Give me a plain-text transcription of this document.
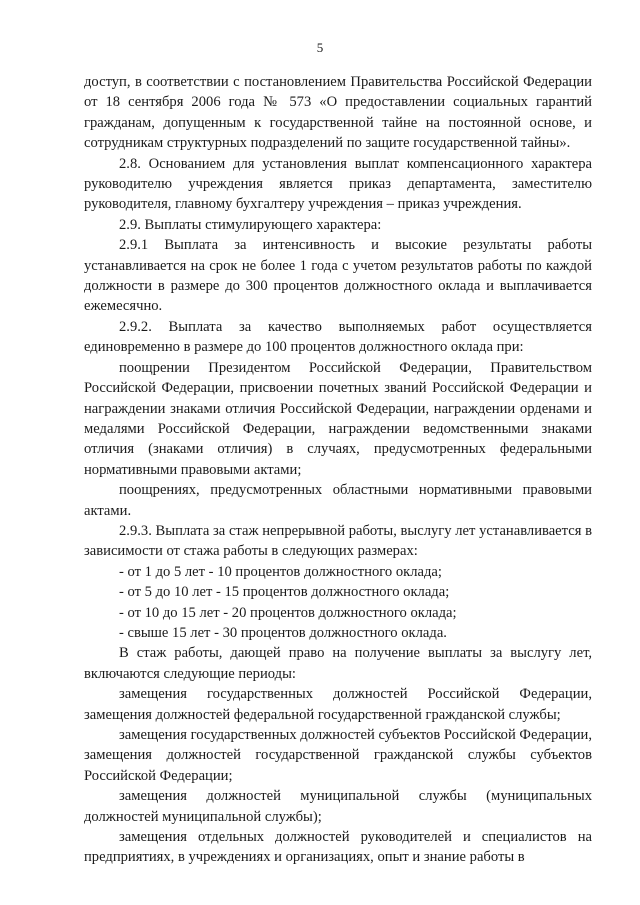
5

доступ, в соответствии с постановлением Правительства Российской Федерации от 18 сентября 2006 года № 573 «О предоставлении социальных гарантий гражданам, допущенным к государственной тайне на постоянной основе, и сотрудникам структурных подразделений по защите государственной тайны».

2.8. Основанием для установления выплат компенсационного характера руководителю учреждения является приказ департамента, заместителю руководителя, главному бухгалтеру учреждения – приказ учреждения.

2.9. Выплаты стимулирующего характера:

2.9.1 Выплата за интенсивность и высокие результаты работы устанавливается на срок не более 1 года с учетом результатов работы по каждой должности в размере до 300 процентов должностного оклада и выплачивается ежемесячно.

2.9.2. Выплата за качество выполняемых работ осуществляется единовременно в размере до 100 процентов должностного оклада при:

поощрении Президентом Российской Федерации, Правительством Российской Федерации, присвоении почетных званий Российской Федерации и награждении знаками отличия Российской Федерации, награждении орденами и медалями Российской Федерации, награждении ведомственными знаками отличия (знаками отличия) в случаях, предусмотренных федеральными нормативными правовыми актами;

поощрениях, предусмотренных областными нормативными правовыми актами.

2.9.3. Выплата за стаж непрерывной работы, выслугу лет устанавливается в зависимости от стажа работы в следующих размерах:

- от 1 до 5 лет - 10 процентов должностного оклада;

- от 5 до 10 лет - 15 процентов должностного оклада;

- от 10 до 15 лет - 20 процентов должностного оклада;

- свыше 15 лет - 30 процентов должностного оклада.

В стаж работы, дающей право на получение выплаты за выслугу лет, включаются следующие периоды:

замещения государственных должностей Российской Федерации, замещения должностей федеральной государственной гражданской службы;

замещения государственных должностей субъектов Российской Федерации, замещения должностей государственной гражданской службы субъектов Российской Федерации;

замещения должностей муниципальной службы (муниципальных должностей муниципальной службы);

замещения отдельных должностей руководителей и специалистов на предприятиях, в учреждениях и организациях, опыт и знание работы в
